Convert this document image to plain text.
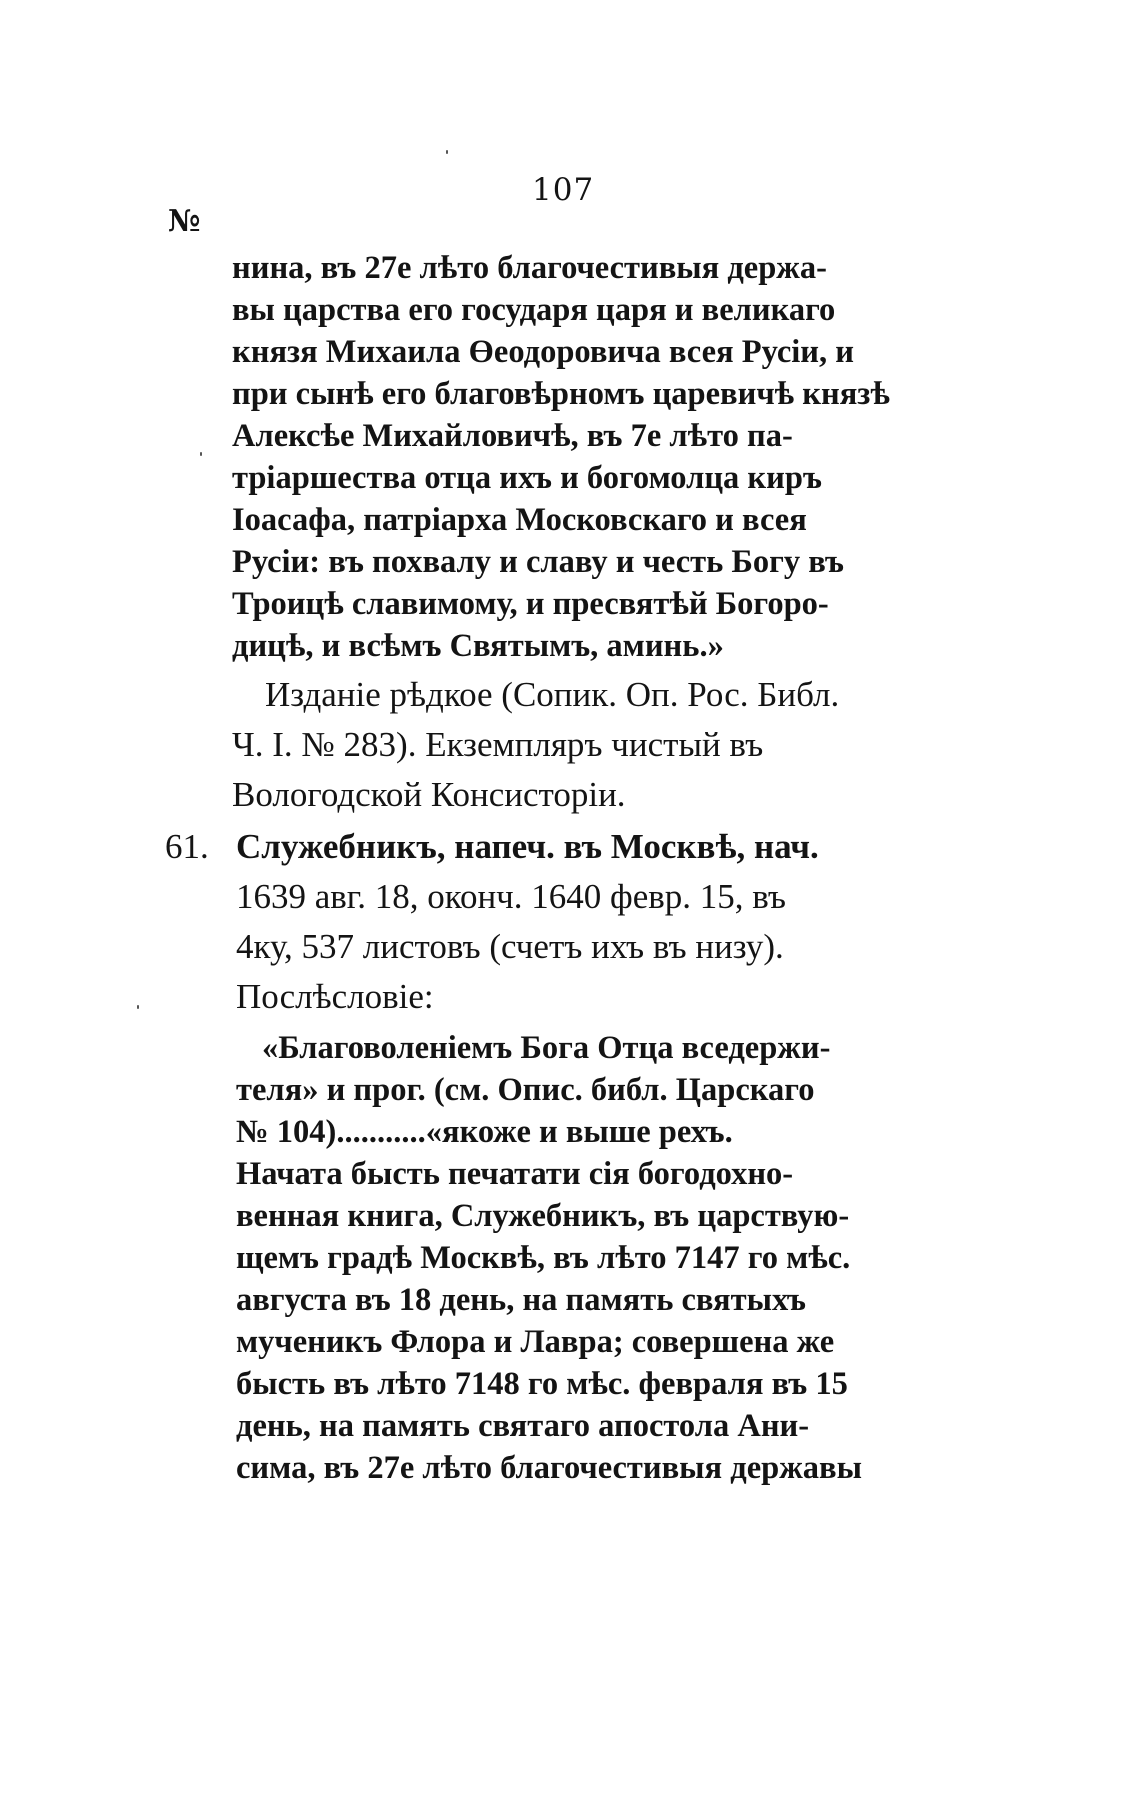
107
№
нина, въ 27е лѣто благочестивыя держа-
вы царства его государя царя и великаго
князя Михаила Өеодоровича всея Русіи, и
при сынѣ его благовѣрномъ царевичѣ князѣ
Алексѣе Михайловичѣ, въ 7е лѣто па-
тріаршества отца ихъ и богомолца киръ
Іоасафа, патріарха Московскаго и всея
Русіи: въ похвалу и славу и честь Богу въ
Троицѣ славимому, и пресвятѣй Богоро-
дицѣ, и всѣмъ Святымъ, аминь.»
Изданіе рѣдкое (Сопик. Оп. Рос. Библ.
Ч. I. № 283). Екземпляръ чистый въ
Вологодской Консисторіи.
61. Служебникъ, напеч. въ Москвѣ, нач.
1639 авг. 18, оконч. 1640 февр. 15, въ
4ку, 537 листовъ (счетъ ихъ въ низу).
Послѣсловіе:
«Благоволеніемъ Бога Отца вседержи-
теля» и прог. (см. Опис. библ. Царскаго
№ 104)...........«якоже и выше рехъ.
Начата бысть печатати сія богодохно-
венная книга, Служебникъ, въ царствую-
щемъ градѣ Москвѣ, въ лѣто 7147 го мѣс.
августа въ 18 день, на память святыхъ
мученикъ Флора и Лавра; совершена же
бысть въ лѣто 7148 го мѣс. февраля въ 15
день, на память святаго апостола Ани-
сима, въ 27е лѣто благочестивыя державы
